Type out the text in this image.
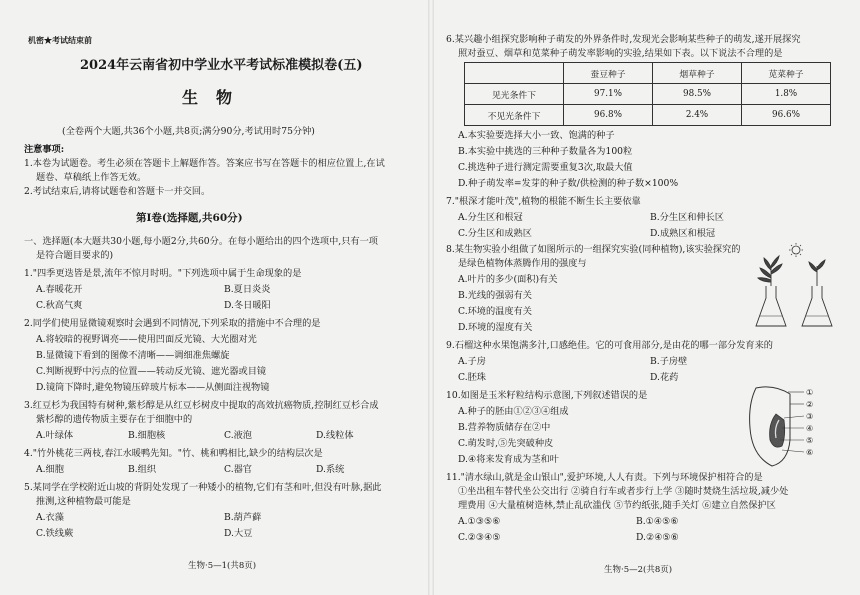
机密★考试结束前
2024年云南省初中学业水平考试标准模拟卷(五)
生物
(全卷两个大题,共36个小题,共8页;满分90分,考试用时75分钟)
注意事项:
1.本卷为试题卷。考生必须在答题卡上解题作答。答案应书写在答题卡的相应位置上,在试
题卷、草稿纸上作答无效。
2.考试结束后,请将试题卷和答题卡一并交回。
第Ⅰ卷(选择题,共60分)
一、选择题(本大题共30小题,每小题2分,共60分。在每小题给出的四个选项中,只有一项
是符合题目要求的)
1."四季更迭皆是景,流年不惊月时明。"下列选项中属于生命现象的是
A.春暖花开	B.夏日炎炎
C.秋高气爽	D.冬日暖阳
2.同学们使用显微镜观察时会遇到不同情况,下列采取的措施中不合理的是
A.将较暗的视野调亮——使用凹面反光镜、大光圈对光
B.显微镜下看到的图像不清晰——调细准焦螺旋
C.判断视野中污点的位置——转动反光镜、遮光器或目镜
D.镜筒下降时,避免物镜压碎玻片标本——从侧面注视物镜
3.红豆杉为我国特有树种,紫杉醇是从红豆杉树皮中提取的高效抗癌物质,控制红豆杉合成
紫杉醇的遗传物质主要存在于细胞中的
A.叶绿体	B.细胞核	C.液泡	D.线粒体
4."竹外桃花三两枝,春江水暖鸭先知。"竹、桃和鸭相比,缺少的结构层次是
A.细胞	B.组织	C.器官	D.系统
5.某同学在学校附近山坡的背阴处发现了一种矮小的植物,它们有茎和叶,但没有叶脉,据此
推测,这种植物最可能是
A.衣藻	B.葫芦藓
C.铁线蕨	D.大豆
生物·5—1(共8页)
6.某兴趣小组探究影响种子萌发的外界条件时,发现光会影响某些种子的萌发,遂开展探究
照对蚕豆、烟草和苋菜种子萌发率影响的实验,结果如下表。以下说法不合理的是
	蚕豆种子	烟草种子	苋菜种子
见光条件下	97.1%	98.5%	1.8%
不见光条件下	96.8%	2.4%	96.6%
A.本实验要选择大小一致、饱满的种子
B.本实验中挑选的三种种子数量各为100粒
C.挑选种子进行测定需要重复3次,取最大值
D.种子萌发率=发芽的种子数/供检测的种子数×100%
7."根深才能叶茂",植物的根能不断生长主要依靠
A.分生区和根冠	B.分生区和伸长区
C.分生区和成熟区	D.成熟区和根冠
8.某生物实验小组做了如图所示的一组探究实验(同种植物),该实验探究的
是绿色植物体蒸腾作用的强度与
A.叶片的多少(面积)有关
B.光线的强弱有关
C.环境的温度有关
D.环境的湿度有关
9.石榴这种水果饱满多汁,口感绝佳。它的可食用部分,是由花的哪一部分发育来的
A.子房	B.子房壁
C.胚珠	D.花药
10.如图是玉米籽粒结构示意图,下列叙述错误的是
A.种子的胚由①②③④组成
B.营养物质储存在②中
C.萌发时,⑤先突破种皮
D.④将来发育成为茎和叶
①
②
③
④
⑤
⑥
11."清水绿山,就是金山银山",爱护环境,人人有责。下列与环境保护相符合的是
①坐出租车替代坐公交出行 ②骑自行车或者步行上学 ③随时焚烧生活垃圾,减少处
理费用 ④大量植树造林,禁止乱砍滥伐 ⑤节约纸张,随手关灯 ⑥建立自然保护区
A.①③⑤⑥	B.①④⑤⑥
C.②③④⑤	D.②④⑤⑥
生物·5—2(共8页)
